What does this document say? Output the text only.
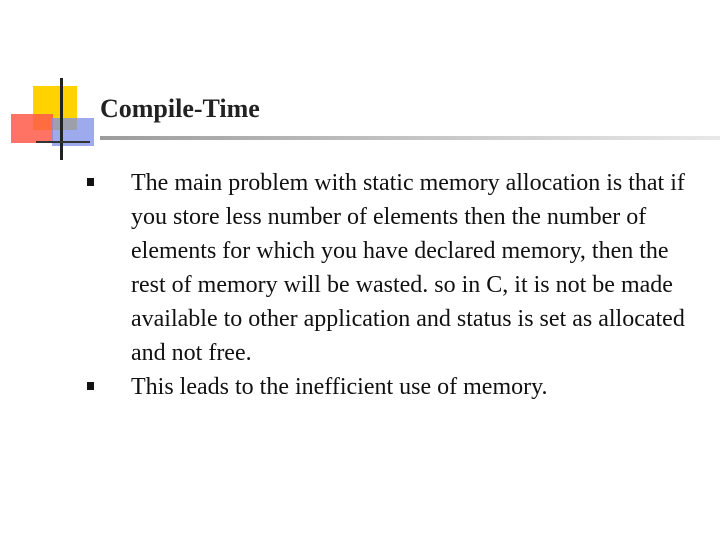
Compile-Time
The main problem with static memory allocation is that if you store less number of elements then the number of elements for which you have declared memory, then the rest of memory will be wasted. so in C, it is not be made available to other application and status is set as allocated and not free.
This leads to the inefficient use of memory.
